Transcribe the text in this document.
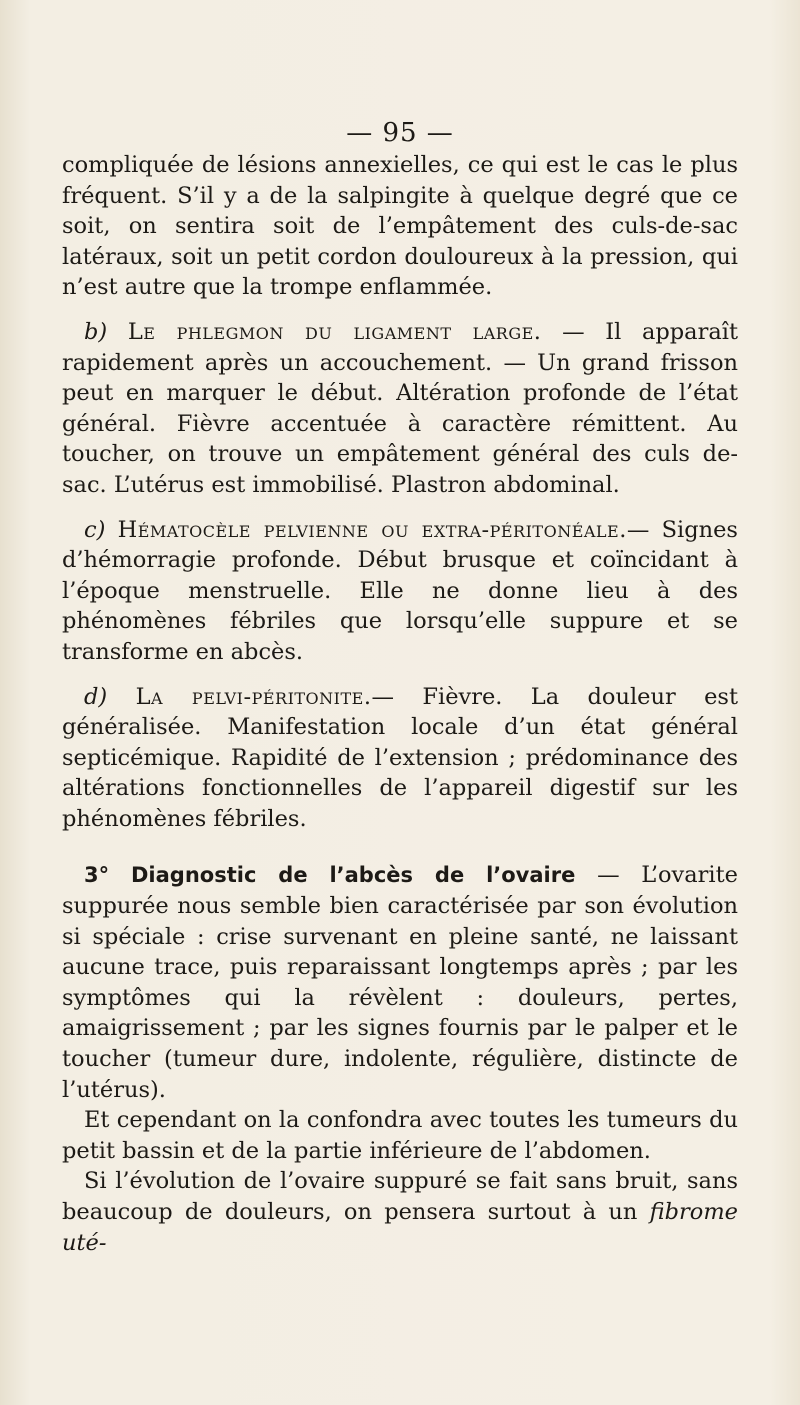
— 95 —

compliquée de lésions annexielles, ce qui est le cas le plus fréquent. S’il y a de la salpingite à quelque degré que ce soit, on sentira soit de l’empâtement des culs-de-sac latéraux, soit un petit cordon douloureux à la pression, qui n’est autre que la trompe enflammée.

b) Le phlegmon du ligament large. — Il apparaît rapidement après un accouchement. — Un grand frisson peut en marquer le début. Altération profonde de l’état général. Fièvre accentuée à caractère rémittent. Au toucher, on trouve un empâtement général des culs de-sac. L’utérus est immobilisé. Plastron abdominal.

c) Hématocèle pelvienne ou extra-péritonéale.— Signes d’hémorragie profonde. Début brusque et coïncidant à l’époque menstruelle. Elle ne donne lieu à des phénomènes fébriles que lorsqu’elle suppure et se transforme en abcès.

d) La pelvi-péritonite.— Fièvre. La douleur est généralisée. Manifestation locale d’un état général septicémique. Rapidité de l’extension ; prédominance des altérations fonctionnelles de l’appareil digestif sur les phénomènes fébriles.

3° Diagnostic de l’abcès de l’ovaire — L’ovarite suppurée nous semble bien caractérisée par son évolution si spéciale : crise survenant en pleine santé, ne laissant aucune trace, puis reparaissant longtemps après ; par les symptômes qui la révèlent : douleurs, pertes, amaigrissement ; par les signes fournis par le palper et le toucher (tumeur dure, indolente, régulière, distincte de l’utérus).

Et cependant on la confondra avec toutes les tumeurs du petit bassin et de la partie inférieure de l’abdomen.

Si l’évolution de l’ovaire suppuré se fait sans bruit, sans beaucoup de douleurs, on pensera surtout à un fibrome uté-
